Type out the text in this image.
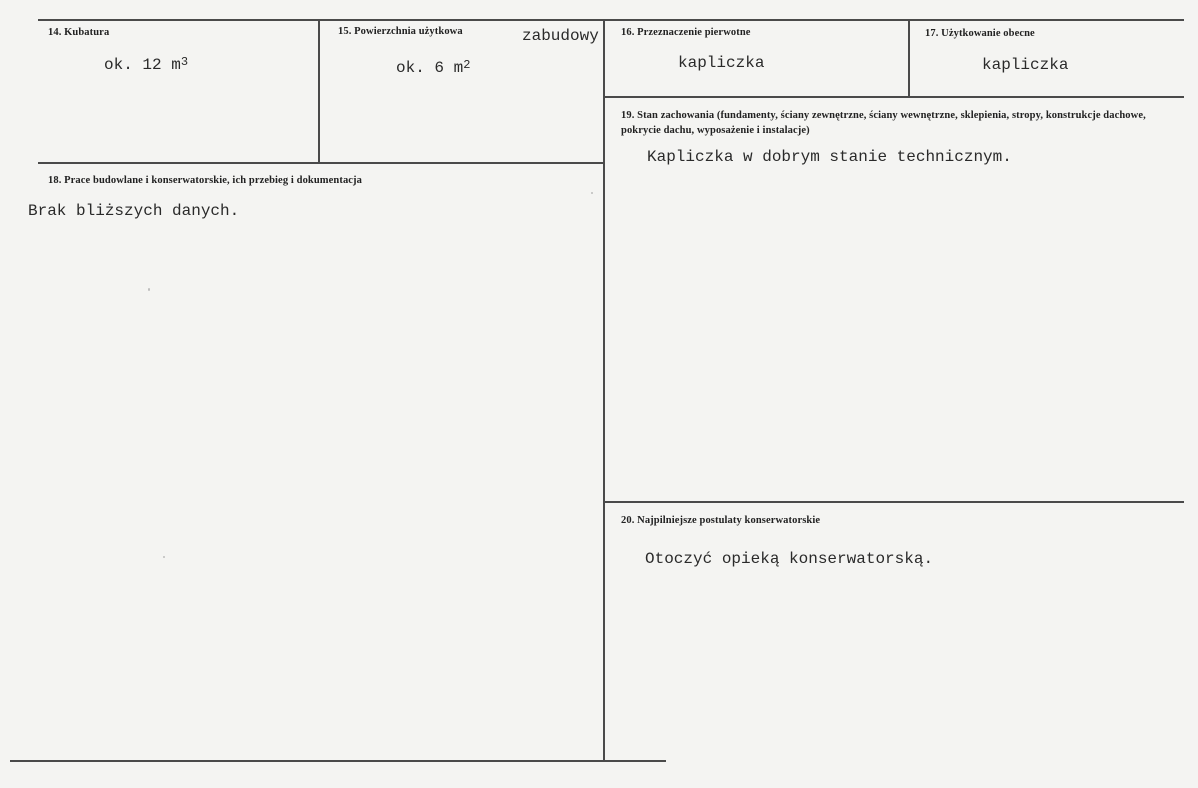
14. Kubatura
ok. 12 $m^3$
15. Powierzchnia użytkowa	zabudowy
ok. 6 $m^2$
16. Przeznaczenie pierwotne
kapliczka
17. Użytkowanie obecne
kapliczka
18. Prace budowlane i konserwatorskie, ich przebieg i dokumentacja
Brak bliższych danych.
19. Stan zachowania (fundamenty, ściany zewnętrzne, ściany wewnętrzne, sklepienia, stropy, konstrukcje dachowe, pokrycie dachu, wyposażenie i instalacje)
Kapliczka w dobrym stanie technicznym.
20. Najpilniejsze postulaty konserwatorskie
Otoczyć opieką konserwatorską.
